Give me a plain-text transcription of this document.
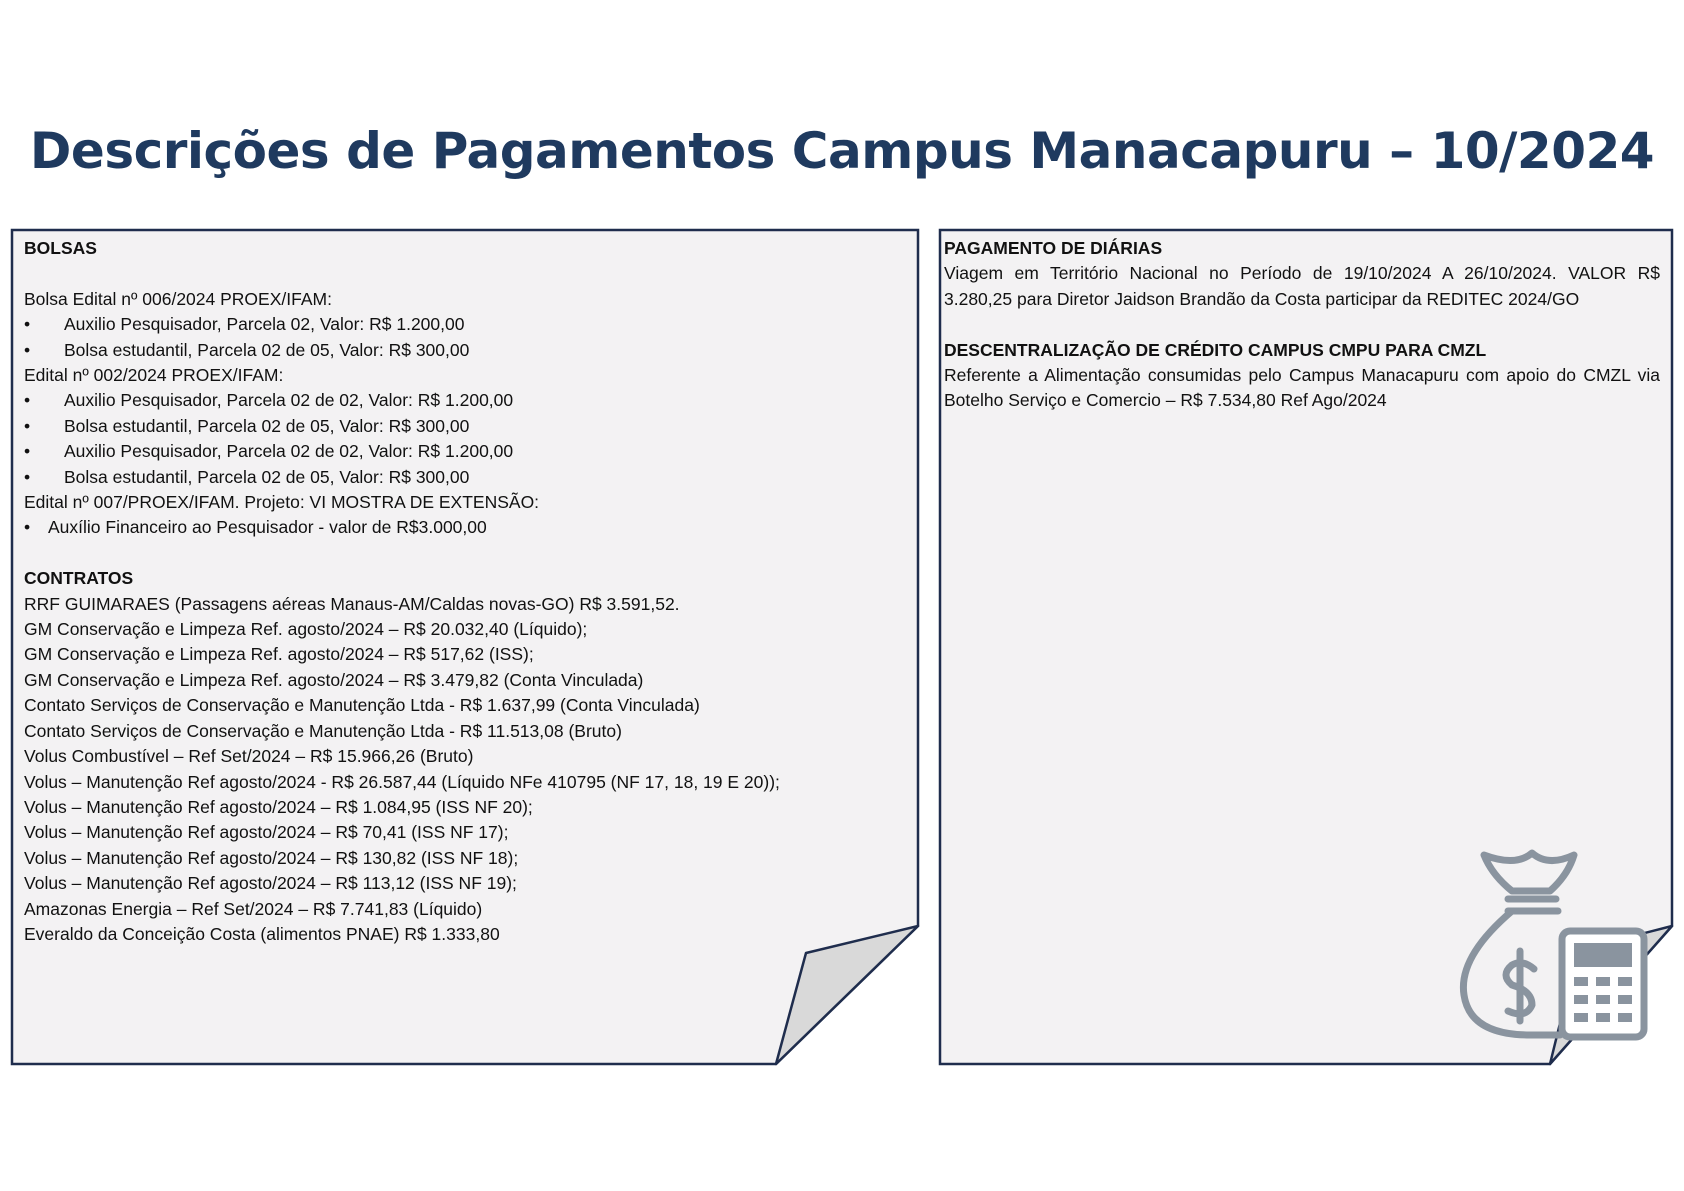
Descrições de Pagamentos Campus Manacapuru – 10/2024
BOLSAS
Bolsa Edital nº 006/2024 PROEX/IFAM:
•	Auxilio Pesquisador, Parcela 02, Valor: R$ 1.200,00
•	Bolsa estudantil, Parcela 02 de 05, Valor: R$ 300,00
Edital nº 002/2024 PROEX/IFAM:
•	Auxilio Pesquisador, Parcela 02 de 02, Valor: R$ 1.200,00
•	Bolsa estudantil, Parcela 02 de 05, Valor: R$ 300,00
•	Auxilio Pesquisador, Parcela 02 de 02, Valor: R$ 1.200,00
•	Bolsa estudantil, Parcela 02 de 05, Valor: R$ 300,00
Edital nº 007/PROEX/IFAM. Projeto: VI MOSTRA DE EXTENSÃO:
•	Auxílio Financeiro ao Pesquisador - valor de R$3.000,00
CONTRATOS
RRF GUIMARAES (Passagens aéreas Manaus-AM/Caldas novas-GO) R$ 3.591,52.
GM Conservação e Limpeza Ref. agosto/2024 – R$ 20.032,40 (Líquido);
GM Conservação e Limpeza Ref. agosto/2024 – R$ 517,62 (ISS);
GM Conservação e Limpeza Ref. agosto/2024 – R$ 3.479,82 (Conta Vinculada)
Contato Serviços de Conservação e Manutenção Ltda - R$ 1.637,99 (Conta Vinculada)
Contato Serviços de Conservação e Manutenção Ltda - R$ 11.513,08 (Bruto)
Volus Combustível – Ref Set/2024 – R$ 15.966,26 (Bruto)
Volus – Manutenção Ref agosto/2024 - R$ 26.587,44 (Líquido NFe 410795 (NF 17, 18, 19 E 20));
Volus – Manutenção Ref agosto/2024 – R$ 1.084,95 (ISS NF 20);
Volus – Manutenção Ref agosto/2024 – R$ 70,41 (ISS NF 17);
Volus – Manutenção Ref agosto/2024 – R$ 130,82 (ISS NF 18);
Volus – Manutenção Ref agosto/2024 – R$ 113,12 (ISS NF 19);
Amazonas Energia – Ref Set/2024 – R$ 7.741,83 (Líquido)
Everaldo da Conceição Costa (alimentos PNAE) R$ 1.333,80
PAGAMENTO DE DIÁRIAS
Viagem em Território Nacional no Período de 19/10/2024 A 26/10/2024. VALOR R$ 3.280,25 para Diretor Jaidson Brandão da Costa participar da REDITEC 2024/GO
DESCENTRALIZAÇÃO DE CRÉDITO CAMPUS CMPU PARA CMZL
Referente a Alimentação consumidas pelo Campus Manacapuru com apoio do CMZL via Botelho Serviço e Comercio – R$ 7.534,80 Ref Ago/2024
